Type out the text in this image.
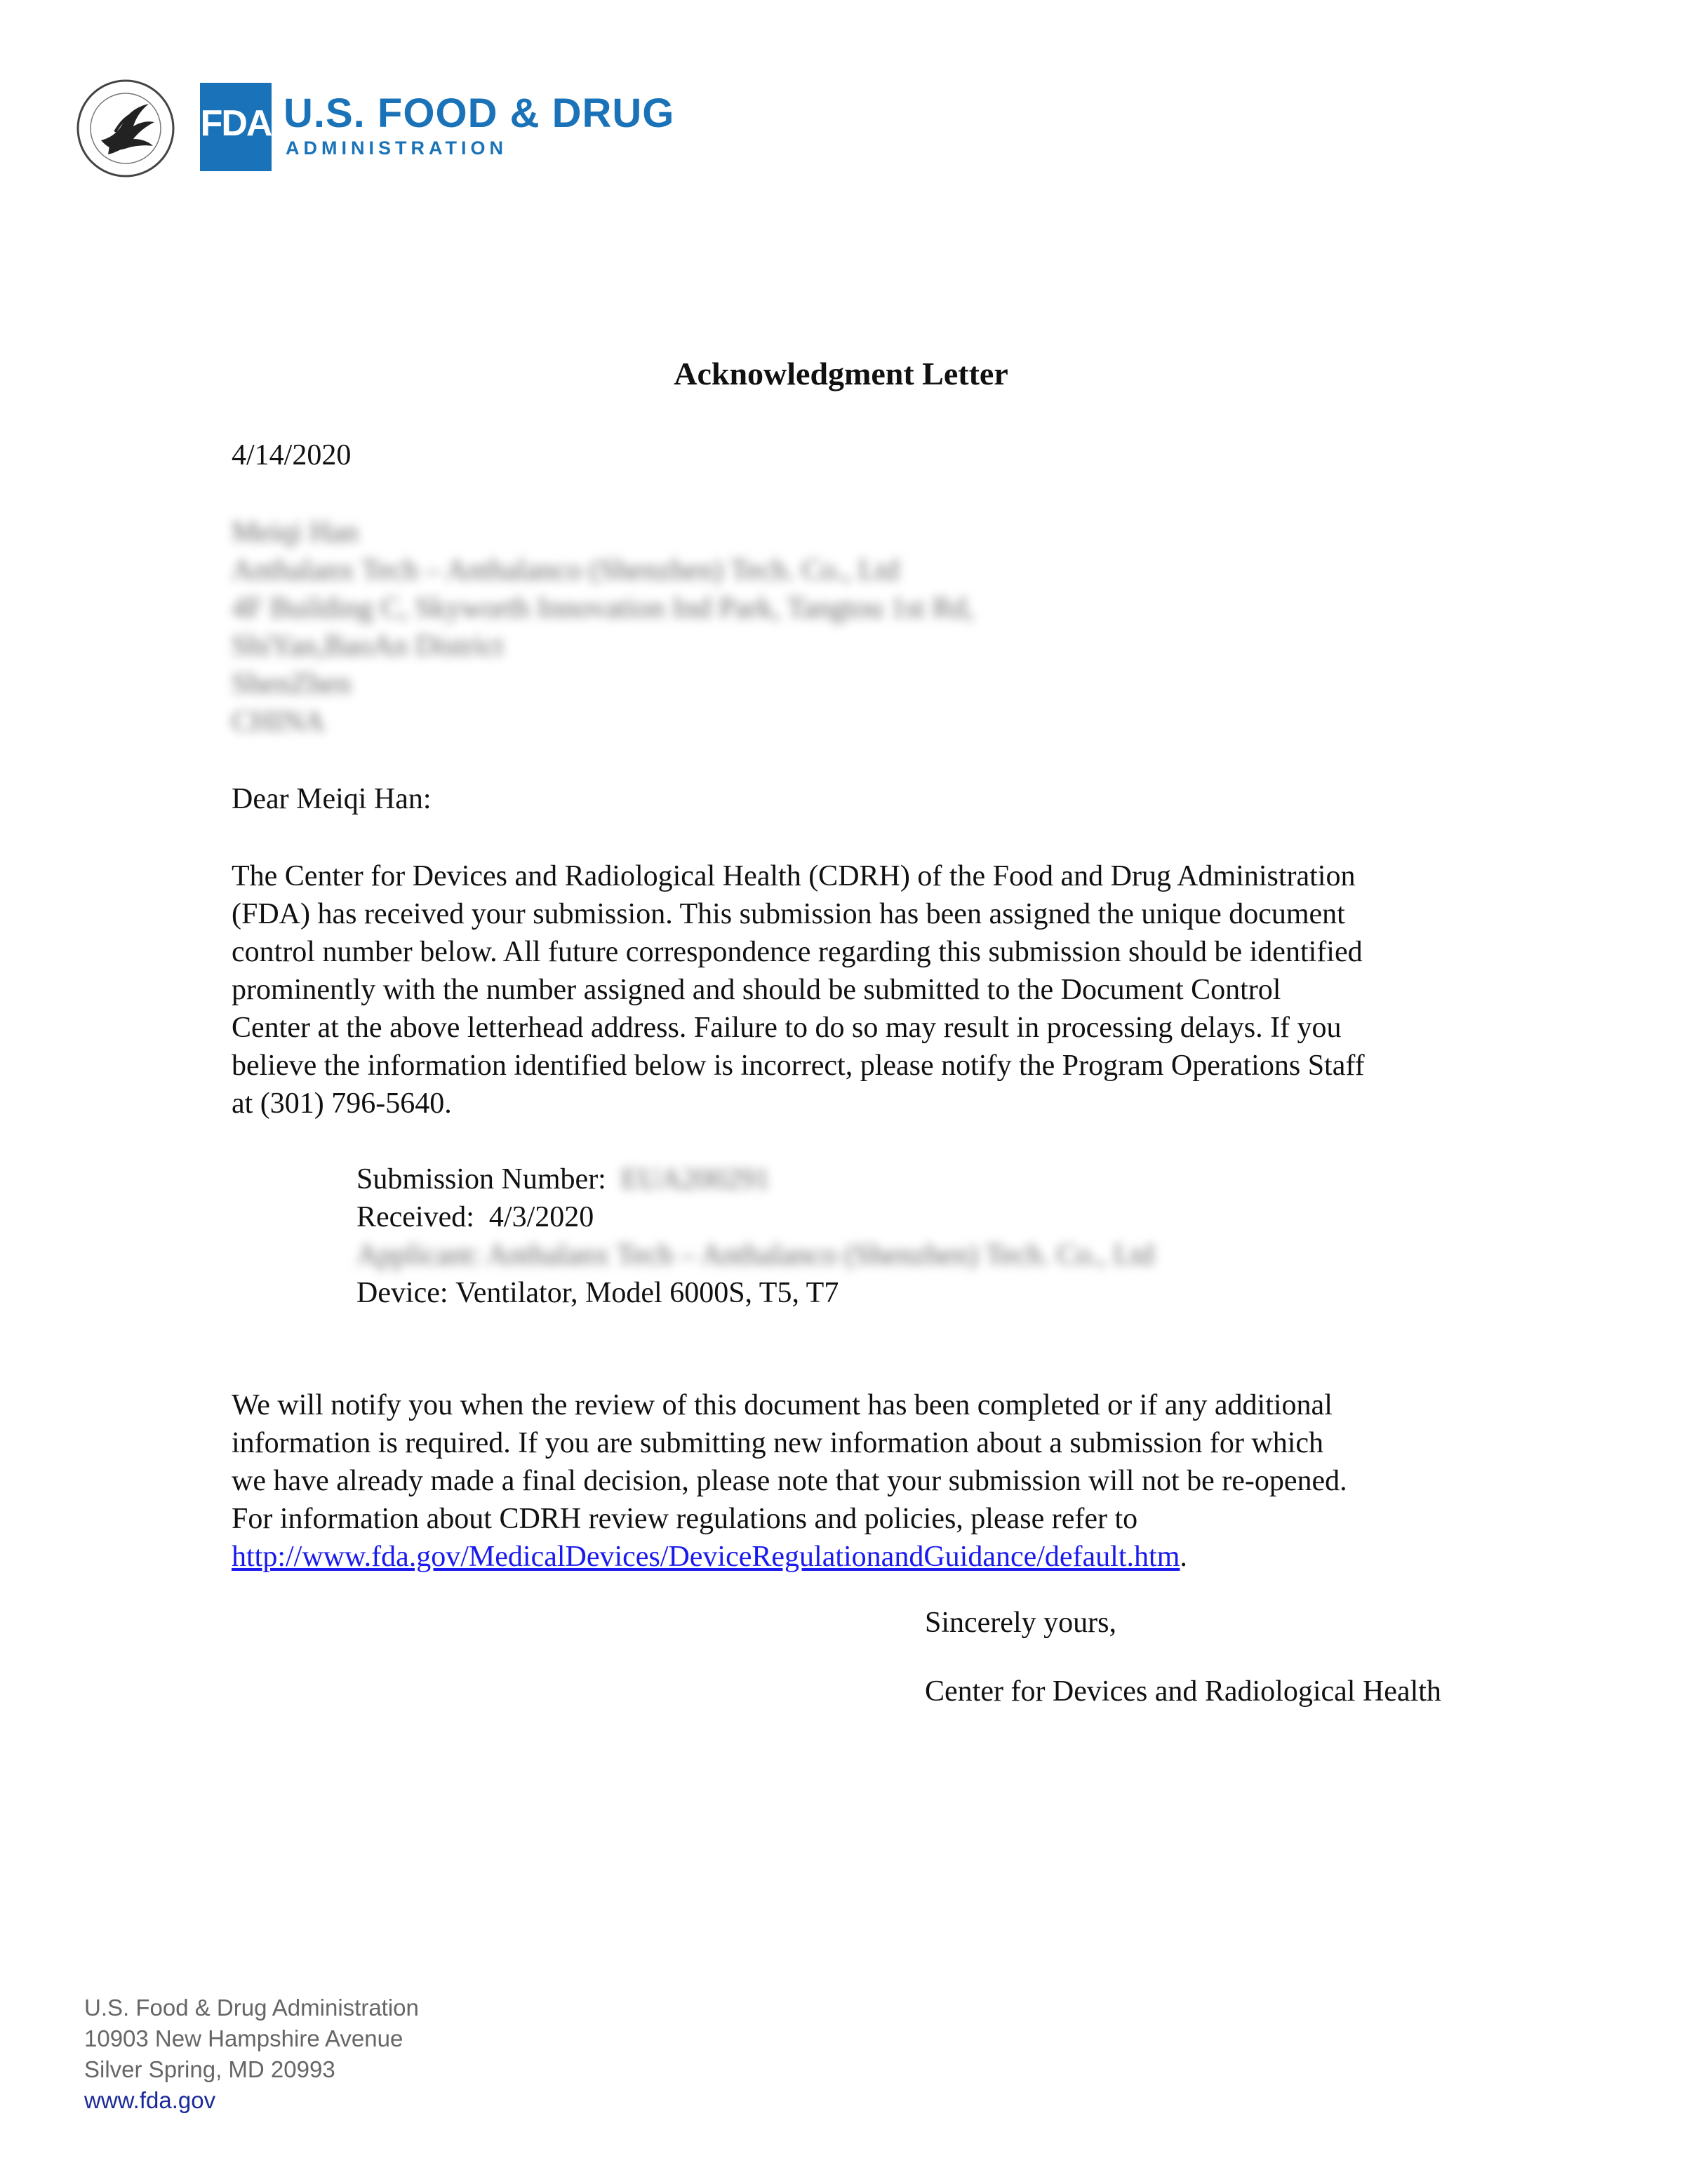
FDA U.S. FOOD & DRUG
ADMINISTRATION
Acknowledgment Letter
4/14/2020
Meiqi Han
Anthalanx Tech – Anthalanco (Shenzhen) Tech. Co., Ltd
4F Building C, Skyworth Innovation Ind Park, Tangtou 1st Rd,
ShiYan,BaoAn District
ShenZhen
CHINA
Dear Meiqi Han:
The Center for Devices and Radiological Health (CDRH) of the Food and Drug Administration
(FDA) has received your submission. This submission has been assigned the unique document
control number below. All future correspondence regarding this submission should be identified
prominently with the number assigned and should be submitted to the Document Control
Center at the above letterhead address. Failure to do so may result in processing delays. If you
believe the information identified below is incorrect, please notify the Program Operations Staff
at (301) 796-5640.
Submission Number: EUA200291
Received: 4/3/2020
Applicant: Anthalanx Tech – Anthalanco (Shenzhen) Tech. Co., Ltd
Device: Ventilator, Model 6000S, T5, T7
We will notify you when the review of this document has been completed or if any additional
information is required. If you are submitting new information about a submission for which
we have already made a final decision, please note that your submission will not be re-opened.
For information about CDRH review regulations and policies, please refer to
http://www.fda.gov/MedicalDevices/DeviceRegulationandGuidance/default.htm.
Sincerely yours,
Center for Devices and Radiological Health
U.S. Food & Drug Administration
10903 New Hampshire Avenue
Silver Spring, MD 20993
www.fda.gov
